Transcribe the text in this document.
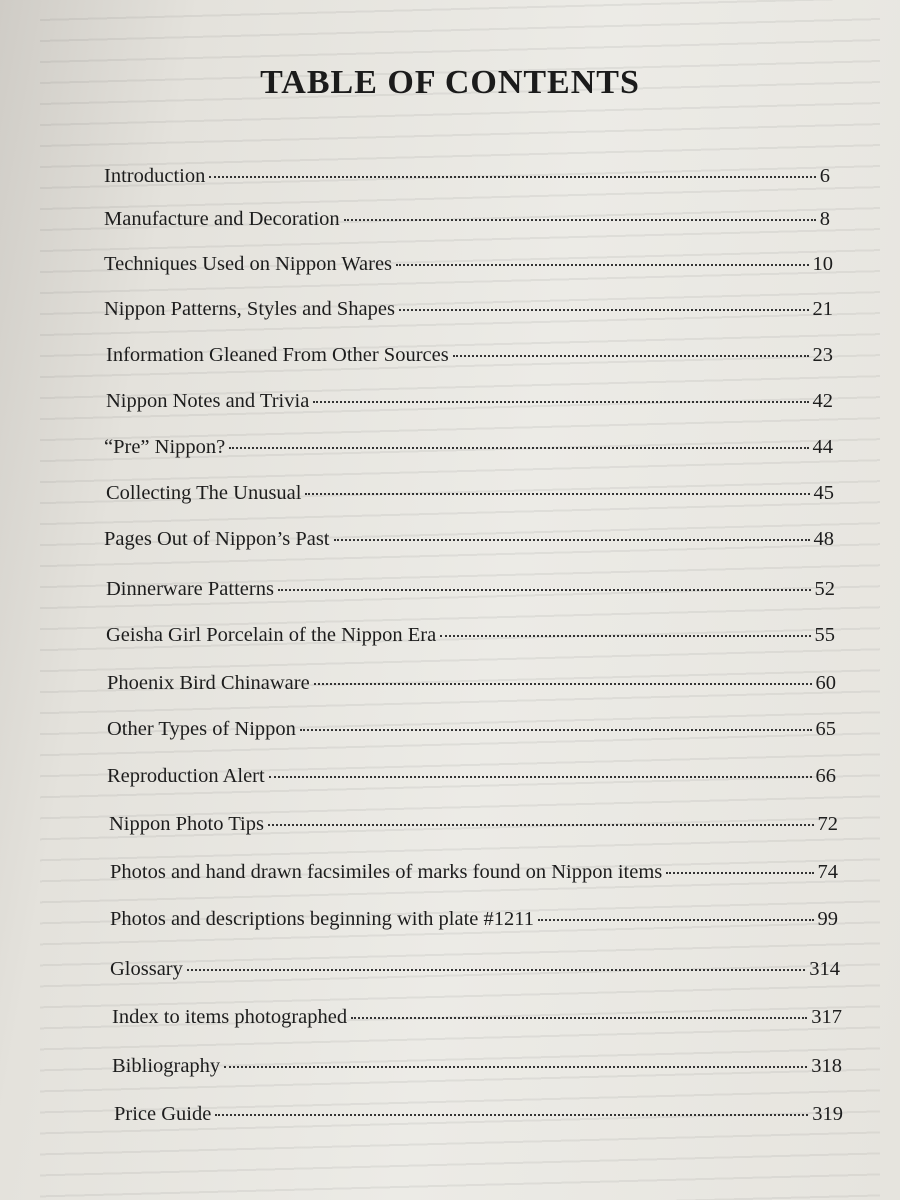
TABLE OF CONTENTS
Introduction	6
Manufacture and Decoration	8
Techniques Used on Nippon Wares	10
Nippon Patterns, Styles and Shapes	21
Information Gleaned From Other Sources	23
Nippon Notes and Trivia	42
“Pre” Nippon?	44
Collecting The Unusual	45
Pages Out of Nippon’s Past	48
Dinnerware Patterns	52
Geisha Girl Porcelain of the Nippon Era	55
Phoenix Bird Chinaware	60
Other Types of Nippon	65
Reproduction Alert	66
Nippon Photo Tips	72
Photos and hand drawn facsimiles of marks found on Nippon items	74
Photos and descriptions beginning with plate #1211	99
Glossary	314
Index to items photographed	317
Bibliography	318
Price Guide	319
